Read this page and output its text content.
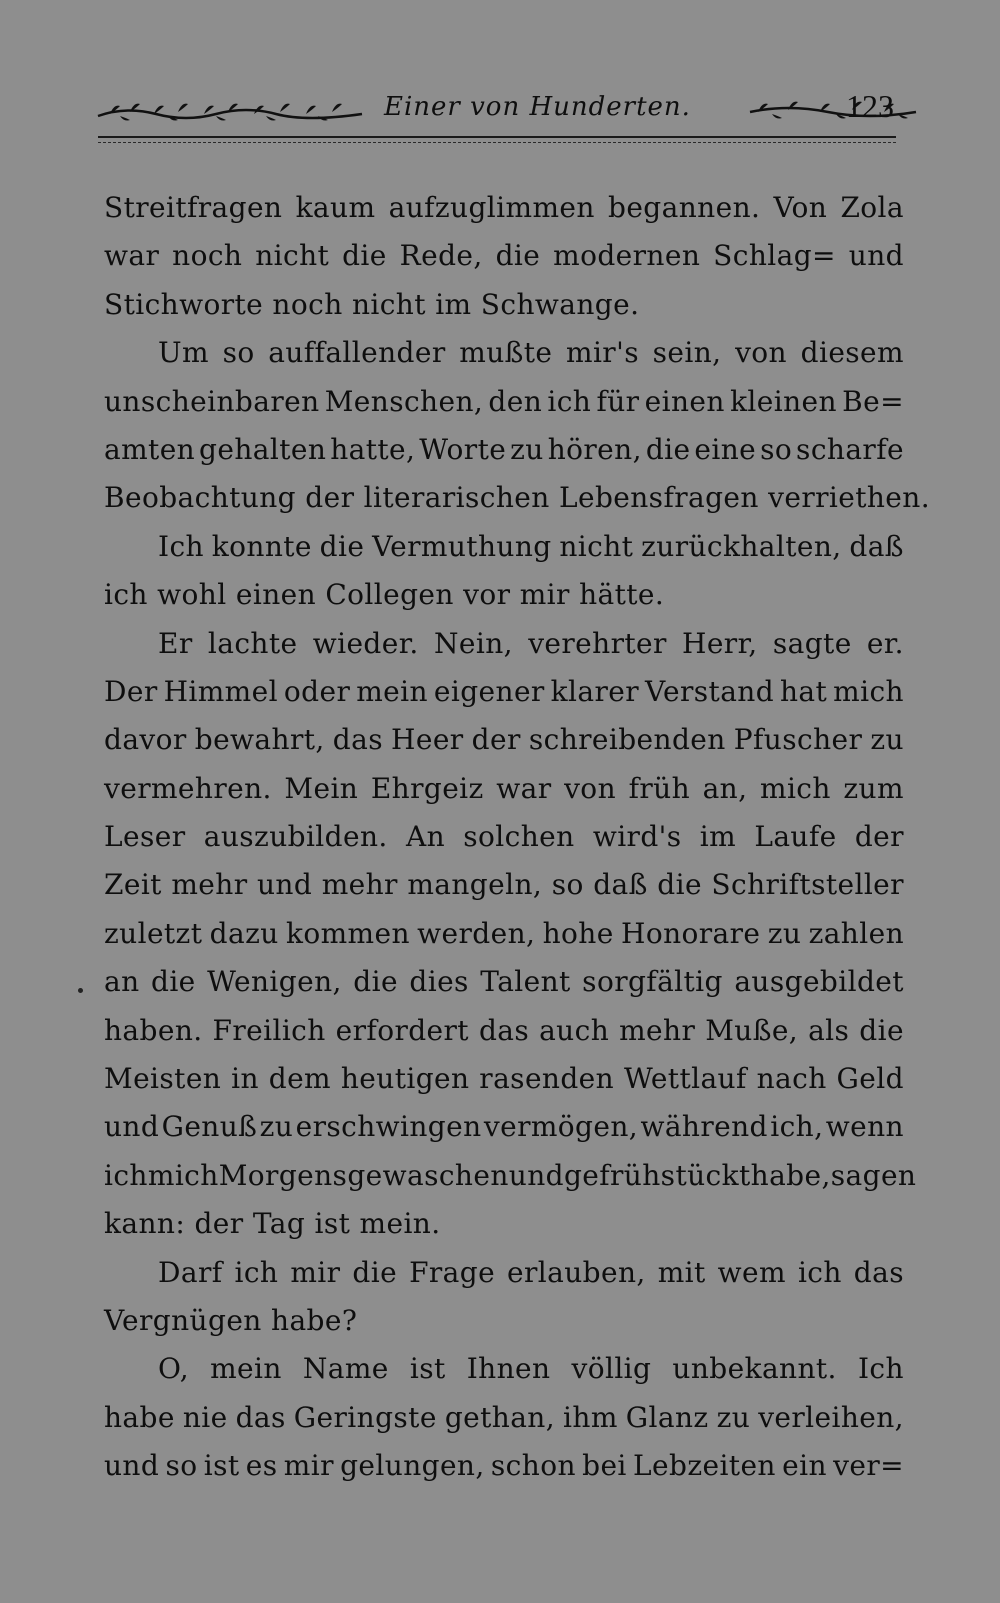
Einer von Hunderten.	123
Streitfragen kaum aufzuglimmen begannen. Von Zola
war noch nicht die Rede, die modernen Schlag= und
Stichworte noch nicht im Schwange.
Um so auffallender mußte mir's sein, von diesem
unscheinbaren Menschen, den ich für einen kleinen Be=
amten gehalten hatte, Worte zu hören, die eine so scharfe
Beobachtung der literarischen Lebensfragen verriethen.
Ich konnte die Vermuthung nicht zurückhalten, daß
ich wohl einen Collegen vor mir hätte.
Er lachte wieder. Nein, verehrter Herr, sagte er.
Der Himmel oder mein eigener klarer Verstand hat mich
davor bewahrt, das Heer der schreibenden Pfuscher zu
vermehren. Mein Ehrgeiz war von früh an, mich zum
Leser auszubilden. An solchen wird's im Laufe der
Zeit mehr und mehr mangeln, so daß die Schriftsteller
zuletzt dazu kommen werden, hohe Honorare zu zahlen
an die Wenigen, die dies Talent sorgfältig ausgebildet
haben. Freilich erfordert das auch mehr Muße, als die
Meisten in dem heutigen rasenden Wettlauf nach Geld
und Genuß zu erschwingen vermögen, während ich, wenn
ich mich Morgens gewaschen und gefrühstückt habe, sagen
kann: der Tag ist mein.
Darf ich mir die Frage erlauben, mit wem ich das
Vergnügen habe?
O, mein Name ist Ihnen völlig unbekannt. Ich
habe nie das Geringste gethan, ihm Glanz zu verleihen,
und so ist es mir gelungen, schon bei Lebzeiten ein ver=
